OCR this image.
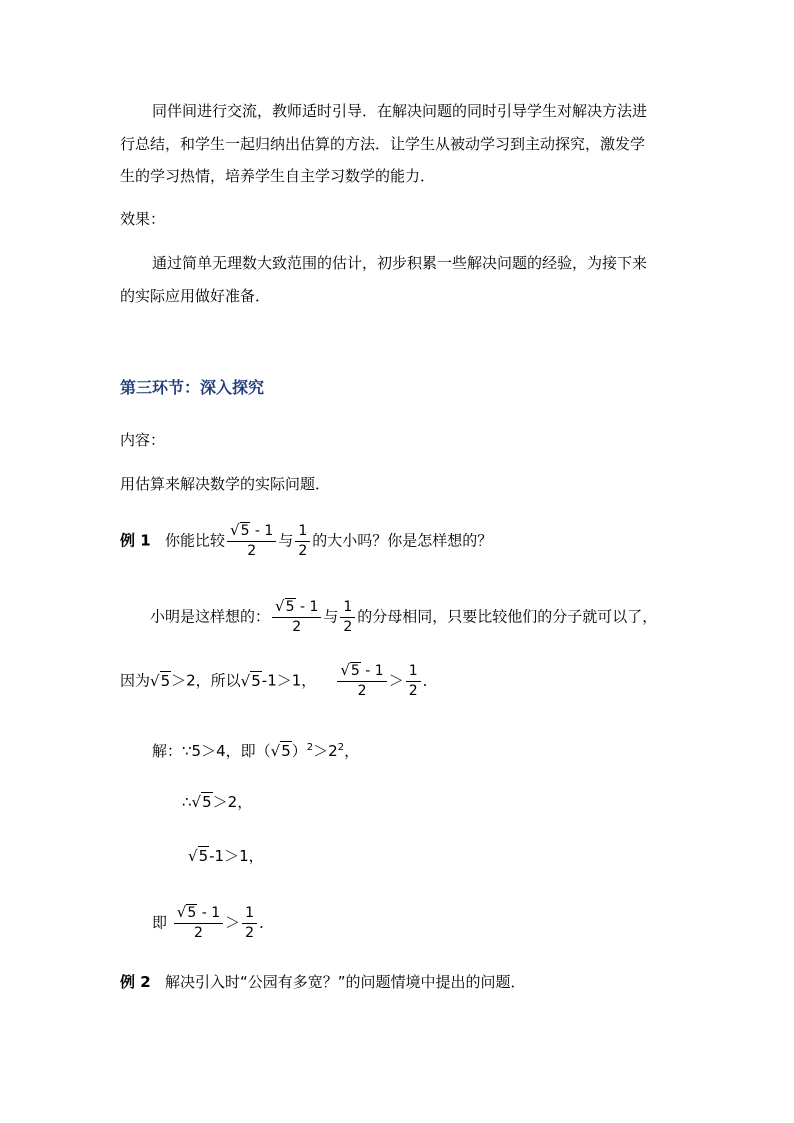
同伴间进行交流，教师适时引导．在解决问题的同时引导学生对解决方法进
行总结，和学生一起归纳出估算的方法．让学生从被动学习到主动探究，激发学
生的学习热情，培养学生自主学习数学的能力．
效果：
通过简单无理数大致范围的估计，初步积累一些解决问题的经验，为接下来
的实际应用做好准备．
第三环节：深入探究
内容：
用估算来解决数学的实际问题．
例 1 你能比较 $\frac{√5 - 1}{2}$ 与 $\frac{1}{2}$ 的大小吗？你是怎样想的？
小明是这样想的： $\frac{√5 - 1}{2}$ 与 $\frac{1}{2}$ 的分母相同，只要比较他们的分子就可以了，
因为√5＞2，所以√5-1＞1， $\frac{√5 - 1}{2} > \frac{1}{2}$ ．
解：∵5＞4，即$(√5)^2>2^2$，
∴√5＞2，
√5-1＞1，
即 $\frac{√5 - 1}{2} > \frac{1}{2}$ ．
例 2 解决引入时“公园有多宽？”的问题情境中提出的问题．
